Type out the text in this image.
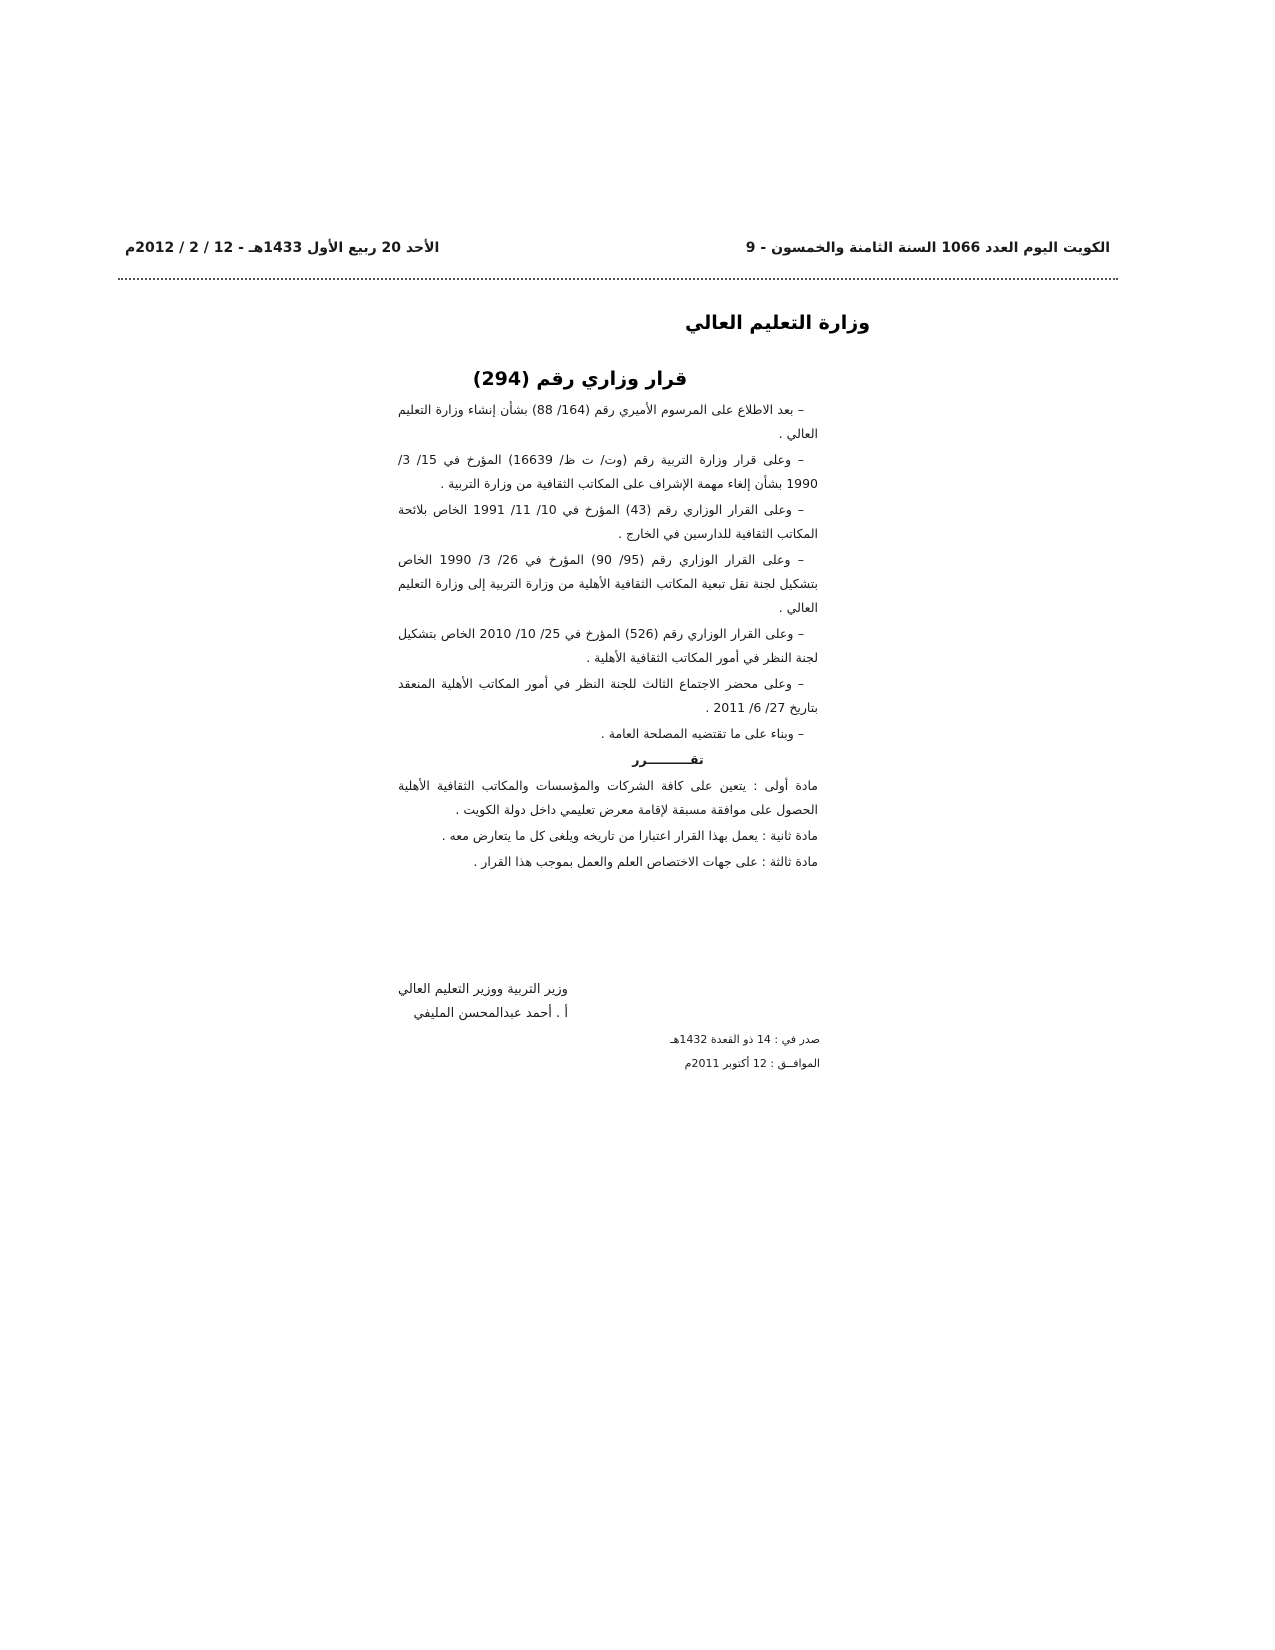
الكويت اليوم العدد 1066 السنة الثامنة والخمسون - 9
الأحد 20 ربيع الأول 1433هـ - 12 / 2 / 2012م
وزارة التعليم العالي
قرار وزاري رقم (294)

– بعد الاطلاع على المرسوم الأميري رقم (164/ 88) بشأن إنشاء وزارة التعليم العالي .

– وعلى قرار وزارة التربية رقم (وت/ ت ظ/ 16639) المؤرخ في 15/ 3/ 1990 بشأن إلغاء مهمة الإشراف على المكاتب الثقافية من وزارة التربية .

– وعلى القرار الوزاري رقم (43) المؤرخ في 10/ 11/ 1991 الخاص بلائحة المكاتب الثقافية للدارسين في الخارج .

– وعلى القرار الوزاري رقم (95/ 90) المؤرخ في 26/ 3/ 1990 الخاص بتشكيل لجنة نقل تبعية المكاتب الثقافية الأهلية من وزارة التربية إلى وزارة التعليم العالي .

– وعلى القرار الوزاري رقم (526) المؤرخ في 25/ 10/ 2010 الخاص بتشكيل لجنة النظر في أمور المكاتب الثقافية الأهلية .

– وعلى محضر الاجتماع الثالث للجنة النظر في أمور المكاتب الأهلية المنعقد بتاريخ 27/ 6/ 2011 .

– وبناء على ما تقتضيه المصلحة العامة .

تقــــــــــرر

مادة أولى : يتعين على كافة الشركات والمؤسسات والمكاتب الثقافية الأهلية الحصول على موافقة مسبقة لإقامة معرض تعليمي داخل دولة الكويت .

مادة ثانية : يعمل بهذا القرار اعتبارا من تاريخه ويلغى كل ما يتعارض معه .

مادة ثالثة : على جهات الاختصاص العلم والعمل بموجب هذا القرار .

وزير التربية ووزير التعليم العالي
أ . أحمد عبدالمحسن المليفي
صدر في : 14 ذو القعدة 1432هـ
الموافــق : 12 أكتوبر 2011م
